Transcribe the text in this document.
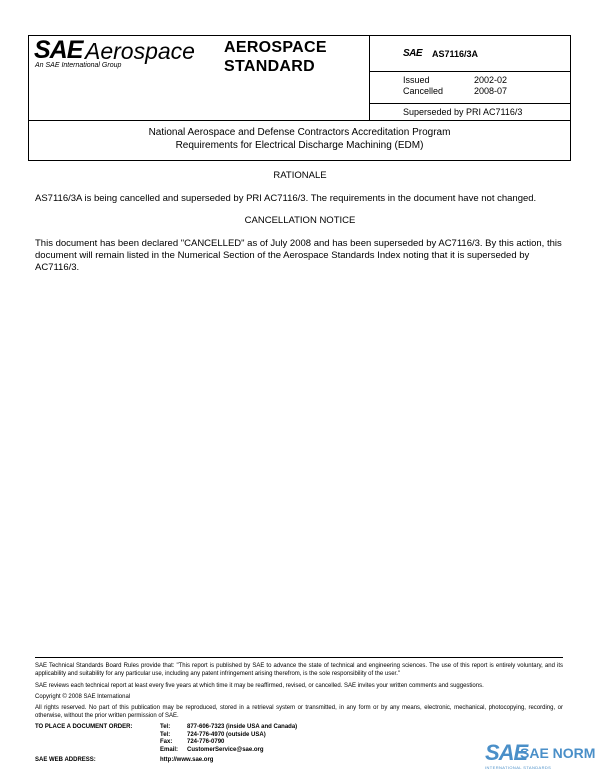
SAE Aerospace
An SAE International Group
AEROSPACE
STANDARD
SAE AS7116/3A
Issued	2002-02
Cancelled	2008-07
Superseded by PRI AC7116/3
National Aerospace and Defense Contractors Accreditation Program
Requirements for Electrical Discharge Machining (EDM)
RATIONALE
AS7116/3A is being cancelled and superseded by PRI AC7116/3. The requirements in the document have not changed.
CANCELLATION NOTICE
This document has been declared "CANCELLED" as of July 2008 and has been superseded by AC7116/3. By this action, this document will remain listed in the Numerical Section of the Aerospace Standards Index noting that it is superseded by AC7116/3.
SAE Technical Standards Board Rules provide that: "This report is published by SAE to advance the state of technical and engineering sciences. The use of this report is entirely voluntary, and its applicability and suitability for any particular use, including any patent infringement arising therefrom, is the sole responsibility of the user."
SAE reviews each technical report at least every five years at which time it may be reaffirmed, revised, or cancelled. SAE invites your written comments and suggestions.
Copyright © 2008 SAE International
All rights reserved. No part of this publication may be reproduced, stored in a retrieval system or transmitted, in any form or by any means, electronic, mechanical, photocopying, recording, or otherwise, without the prior written permission of SAE.
TO PLACE A DOCUMENT ORDER:	Tel:	877-606-7323 (inside USA and Canada)
Tel:	724-776-4970 (outside USA)
Fax:	724-776-0790
Email:	CustomerService@sae.org
SAE WEB ADDRESS:	http://www.sae.org	SAE
SAE NORM
INTERNATIONAL STANDARDS
